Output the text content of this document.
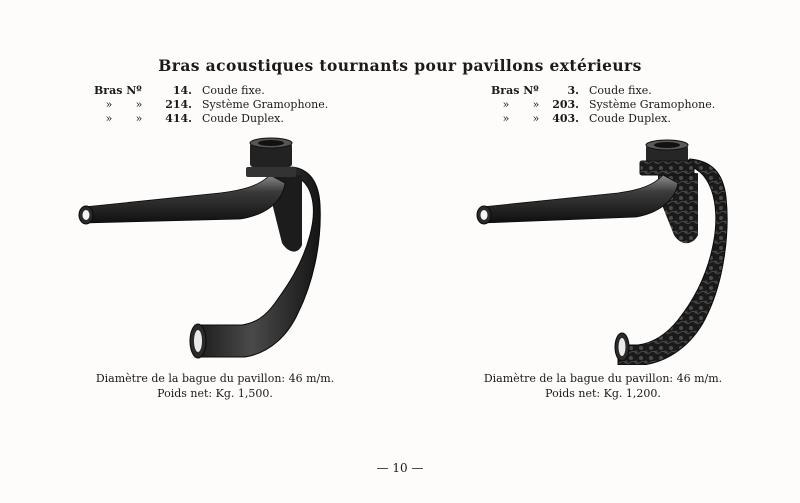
Bras acoustiques tournants pour pavillons extérieurs
Bras Nº	14. Coude fixe.
» »	214. Système Gramophone.
» »	414. Coude Duplex.
Bras Nº	3. Coude fixe.
» »	203. Système Gramophone.
» »	403. Coude Duplex.
Diamètre de la bague du pavillon: 46 m/m.
Poids net: Kg. 1,500.
Diamètre de la bague du pavillon: 46 m/m.
Poids net: Kg. 1,200.
— 10 —
